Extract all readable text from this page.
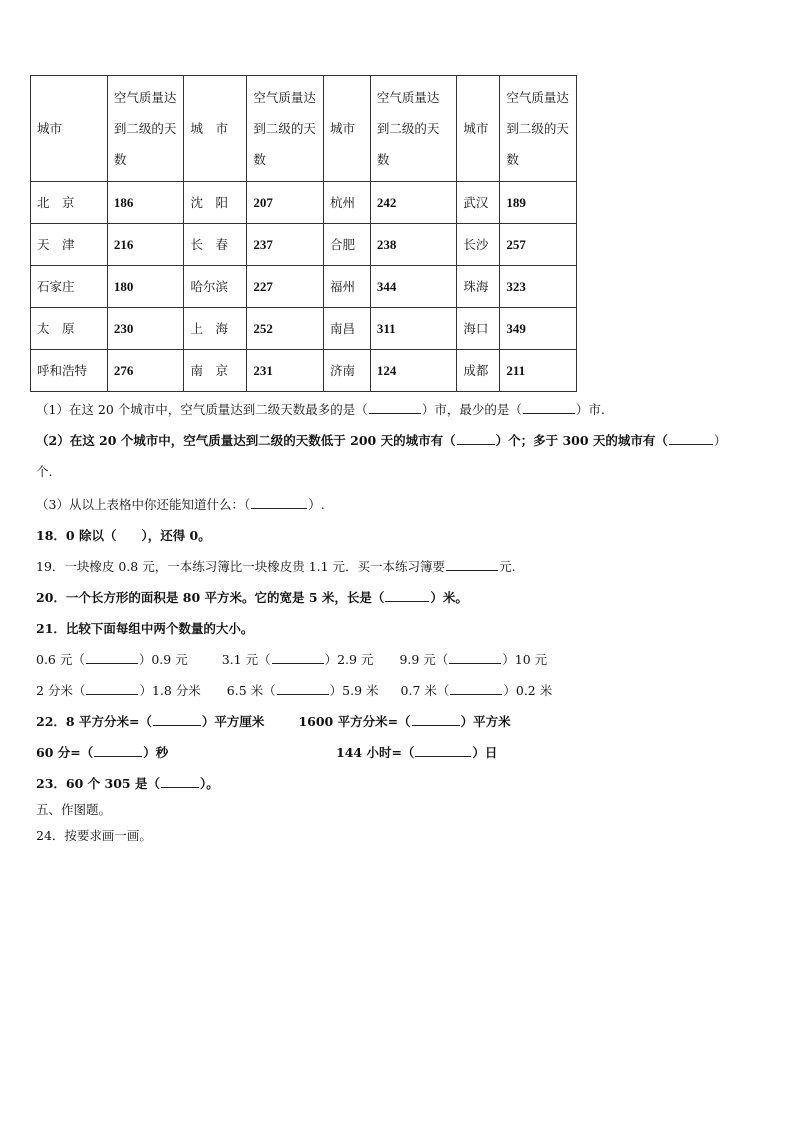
城市	空气质量达到二级的天数	城　市	空气质量达到二级的天数	城市	空气质量达到二级的天数	城市	空气质量达到二级的天数
北　京	186	沈　阳	207	杭州	242	武汉	189
天　津	216	长　春	237	合肥	238	长沙	257
石家庄	180	哈尔滨	227	福州	344	珠海	323
太　原	230	上　海	252	南昌	311	海口	349
呼和浩特	276	南　京	231	济南	124	成都	211
（1）在这 20 个城市中，空气质量达到二级天数最多的是（	）市，最少的是（	）市.
（2）在这 20 个城市中，空气质量达到二级的天数低于 200 天的城市有（	）个；多于 300 天的城市有（	）
个.
（3）从以上表格中你还能知道什么：（	）.
18．0 除以（　　），还得 0。
19．一块橡皮 0.8 元，一本练习簿比一块橡皮贵 1.1 元．买一本练习簿要	元.
20．一个长方形的面积是 80 平方米。它的宽是 5 米，长是（	）米。
21．比较下面每组中两个数量的大小。
0.6 元（	）0.9 元	3.1 元（	）2.9 元 9.9 元（	）10 元
2 分米（	）1.8 分米 6.5 米（	）5.9 米 0.7 米（	）0.2 米
22．8 平方分米=（	）平方厘米	1600 平方分米=（	）平方米
60 分=（	）秒	144 小时=（	）日
23．60 个 305 是（	）。
五、作图题。
24．按要求画一画。
